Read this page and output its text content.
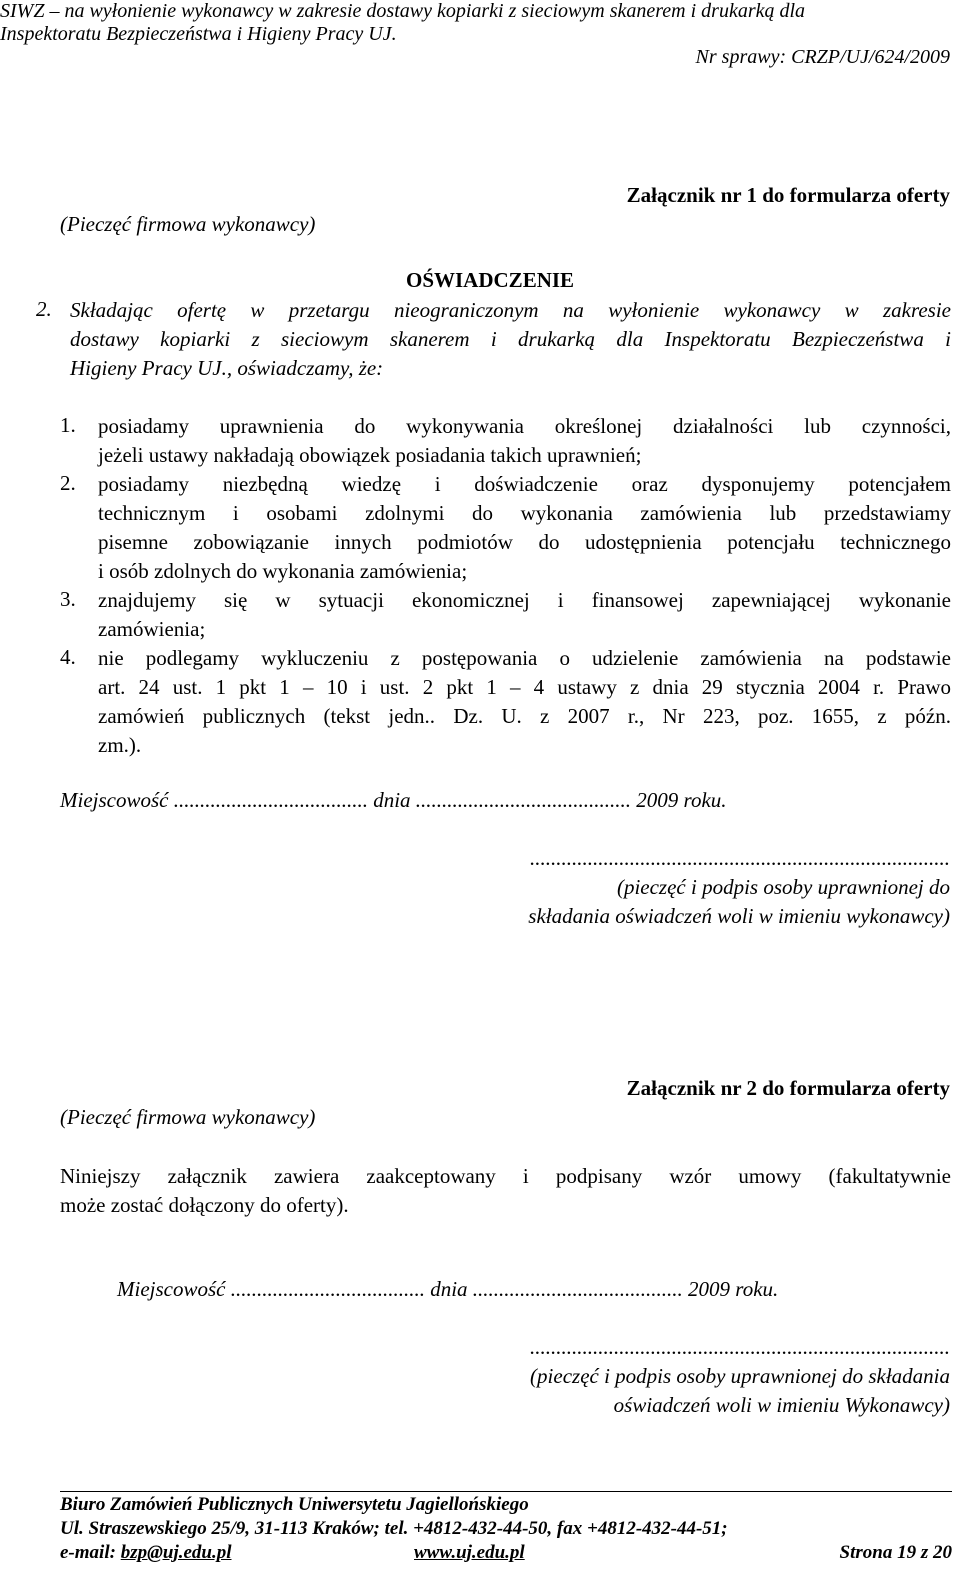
SIWZ – na wyłonienie wykonawcy w zakresie dostawy kopiarki z sieciowym skanerem i drukarką dla
Inspektoratu Bezpieczeństwa i Higieny Pracy UJ.
Nr sprawy: CRZP/UJ/624/2009
Załącznik nr 1 do formularza oferty
(Pieczęć firmowa wykonawcy)
OŚWIADCZENIE
2. Składając ofertę w przetargu nieograniczonym na wyłonienie wykonawcy w zakresie
dostawy kopiarki z sieciowym skanerem i drukarką dla Inspektoratu Bezpieczeństwa i
Higieny Pracy UJ., oświadczamy, że:
1. posiadamy uprawnienia do wykonywania określonej działalności lub czynności,
jeżeli ustawy nakładają obowiązek posiadania takich uprawnień;
2. posiadamy niezbędną wiedzę i doświadczenie oraz dysponujemy potencjałem
technicznym i osobami zdolnymi do wykonania zamówienia lub przedstawiamy
pisemne zobowiązanie innych podmiotów do udostępnienia potencjału technicznego
i osób zdolnych do wykonania zamówienia;
3. znajdujemy się w sytuacji ekonomicznej i finansowej zapewniającej wykonanie
zamówienia;
4. nie podlegamy wykluczeniu z postępowania o udzielenie zamówienia na podstawie
art. 24 ust. 1 pkt 1 – 10 i ust. 2 pkt 1 – 4 ustawy z dnia 29 stycznia 2004 r. Prawo
zamówień publicznych (tekst jedn.. Dz. U. z 2007 r., Nr 223, poz. 1655, z późn.
zm.).
Miejscowość ..................................... dnia ......................................... 2009 roku.
................................................................................
(pieczęć i podpis osoby uprawnionej do
składania oświadczeń woli w imieniu wykonawcy)
Załącznik nr 2 do formularza oferty
(Pieczęć firmowa wykonawcy)
Niniejszy załącznik zawiera zaakceptowany i podpisany wzór umowy (fakultatywnie
może zostać dołączony do oferty).
Miejscowość ..................................... dnia ........................................ 2009 roku.
................................................................................
(pieczęć i podpis osoby uprawnionej do składania
oświadczeń woli w imieniu Wykonawcy)
Biuro Zamówień Publicznych Uniwersytetu Jagiellońskiego
Ul. Straszewskiego 25/9, 31-113 Kraków; tel. +4812-432-44-50, fax +4812-432-44-51;
e-mail: bzp@uj.edu.pl	www.uj.edu.pl	Strona 19 z 20
